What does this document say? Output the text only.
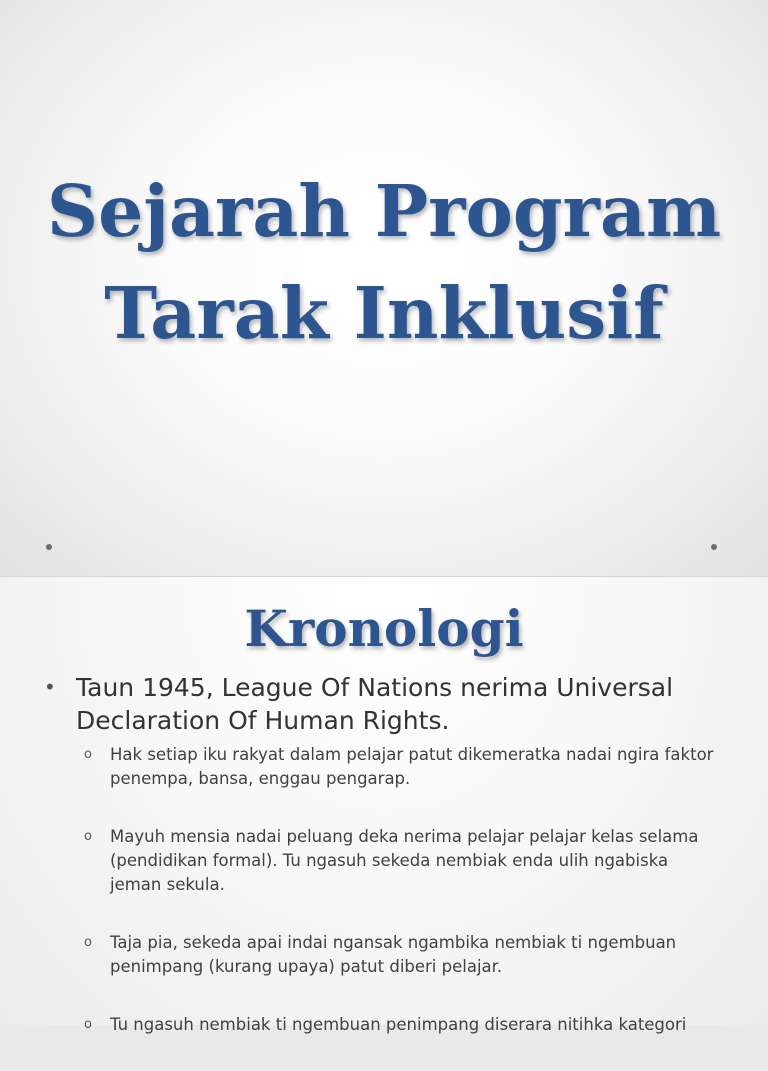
Sejarah Program
Tarak Inklusif
Kronologi
• Taun 1945, League Of Nations nerima Universal Declaration Of Human Rights.
o	Hak setiap iku rakyat dalam pelajar patut dikemeratka nadai ngira faktor penempa, bansa, enggau pengarap.
o	Mayuh mensia nadai peluang deka nerima pelajar pelajar kelas selama (pendidikan formal). Tu ngasuh sekeda nembiak enda ulih ngabiska jeman sekula.
o	Taja pia, sekeda apai indai ngansak ngambika nembiak ti ngembuan penimpang (kurang upaya) patut diberi pelajar.
o	Tu ngasuh nembiak ti ngembuan penimpang diserara nitihka kategori
